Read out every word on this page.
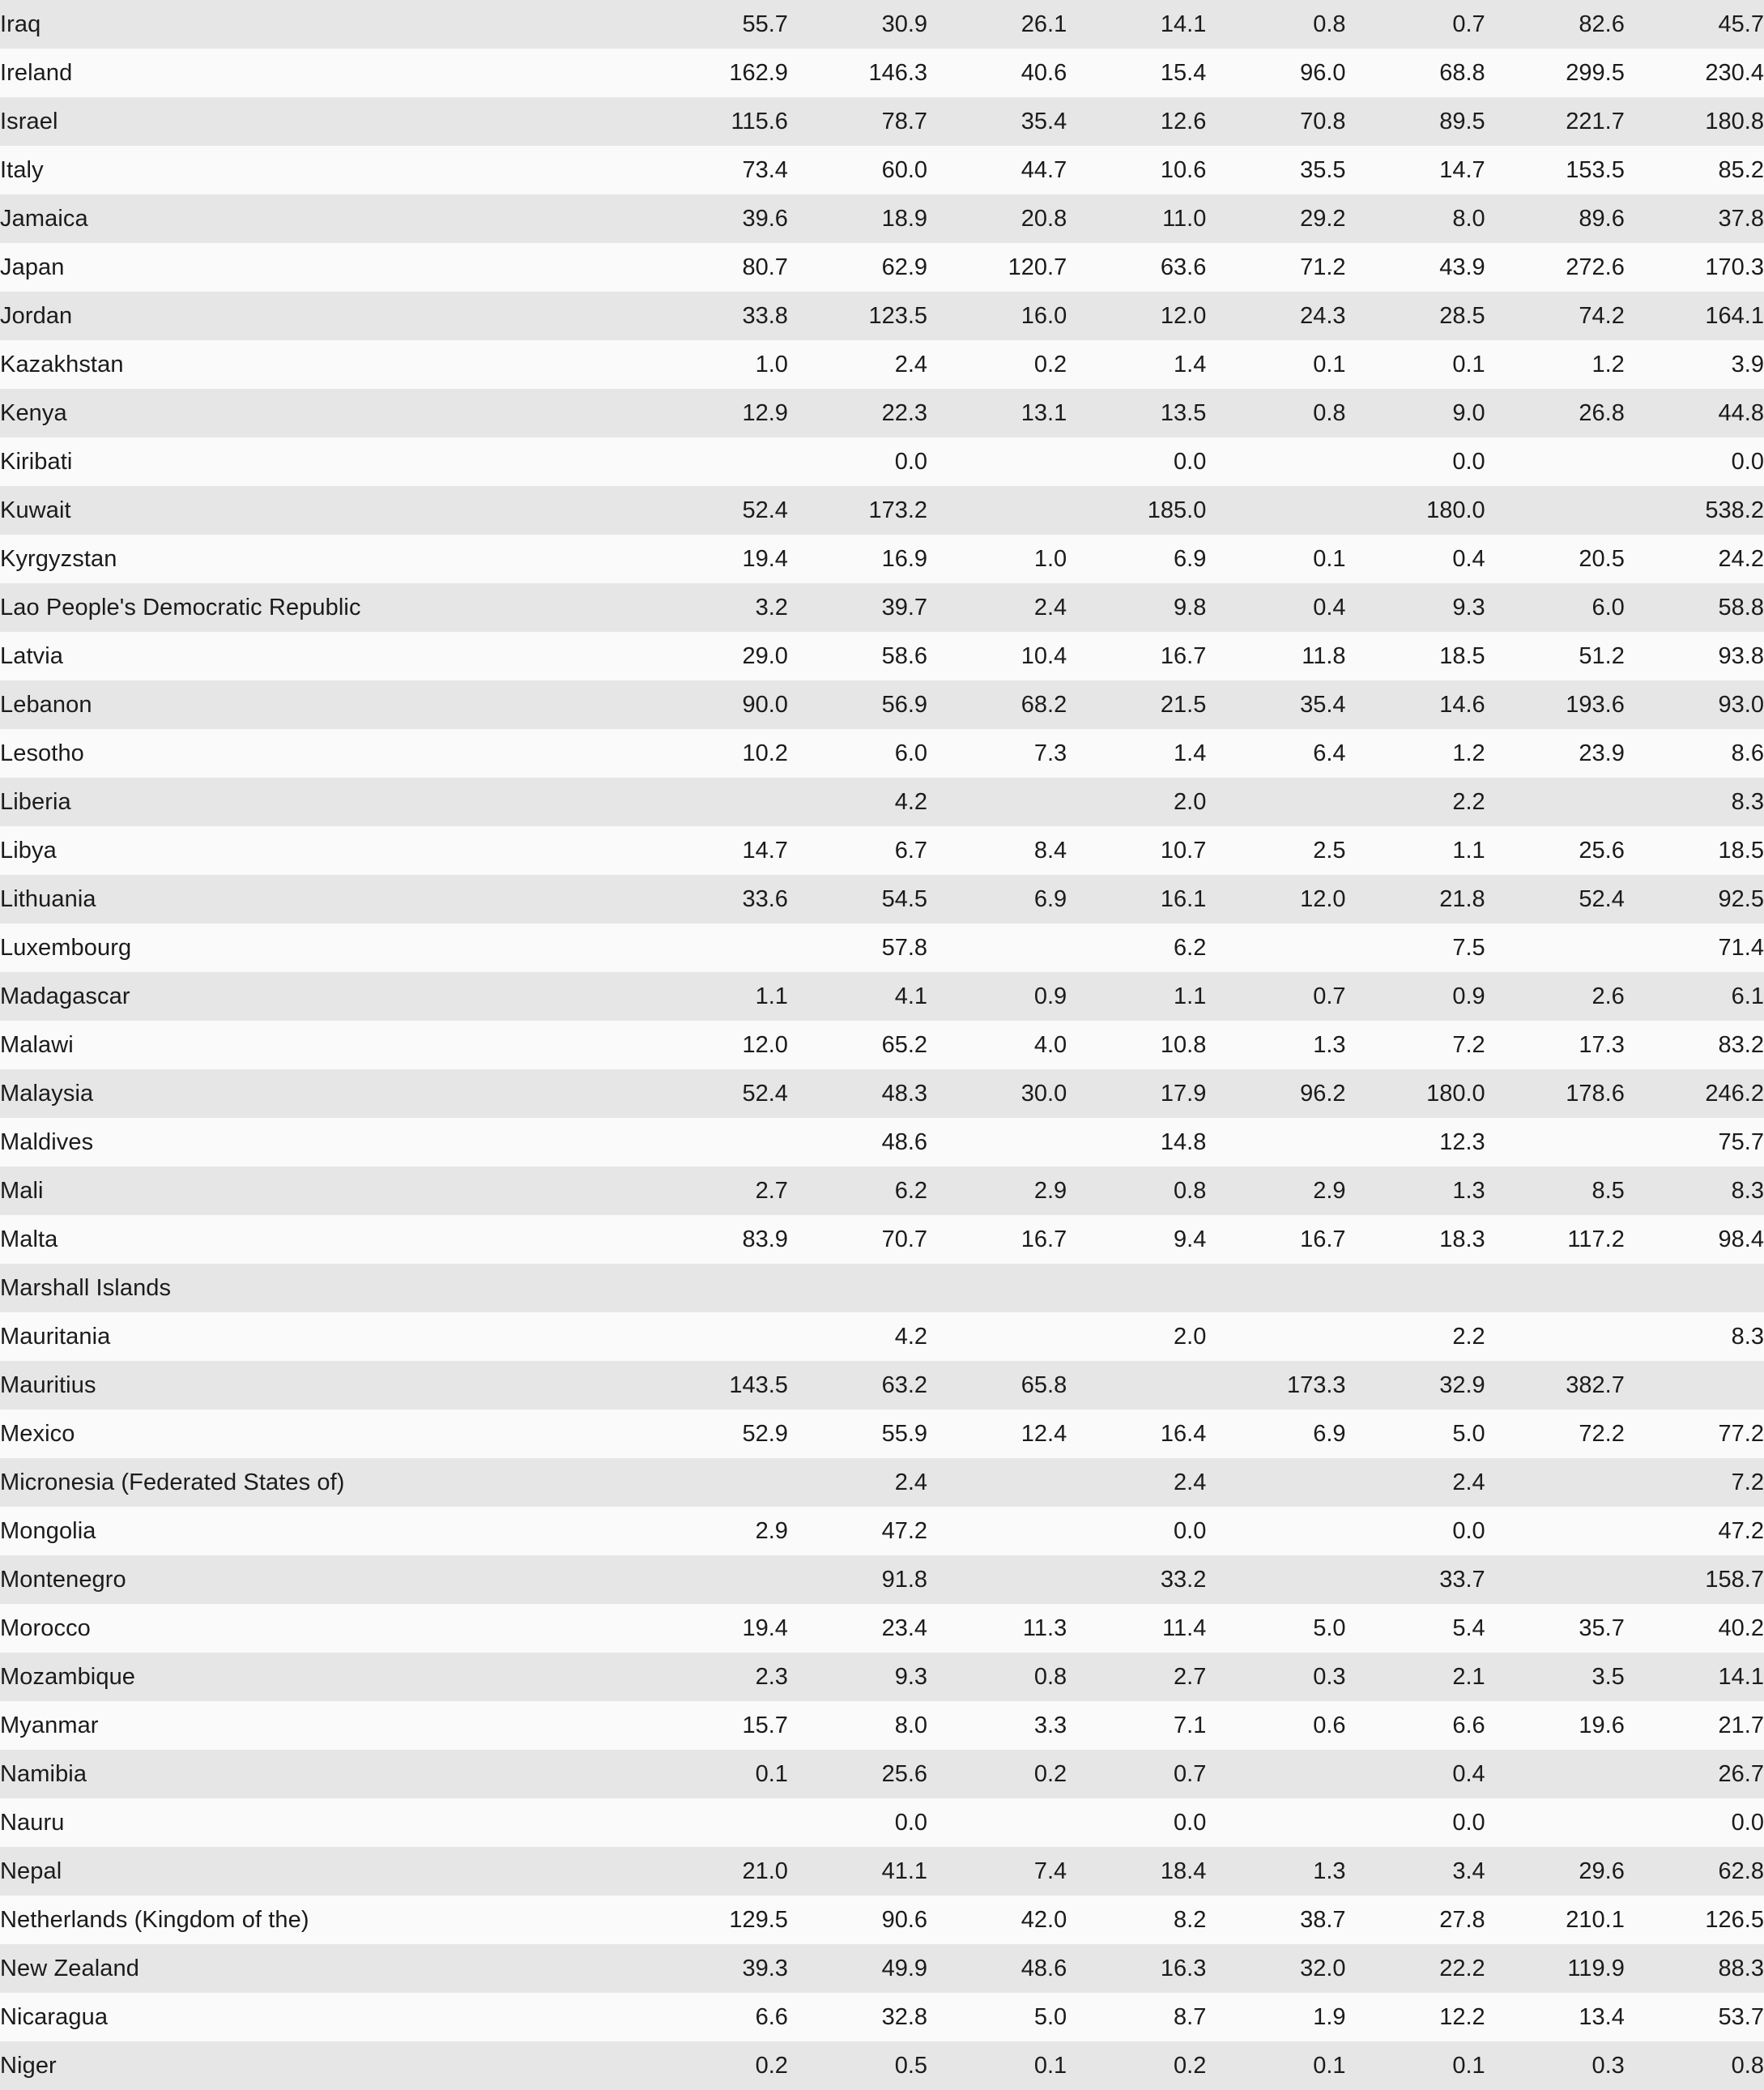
Iraq	55.7	30.9	26.1	14.1	0.8	0.7	82.6	45.7
Ireland	162.9	146.3	40.6	15.4	96.0	68.8	299.5	230.4
Israel	115.6	78.7	35.4	12.6	70.8	89.5	221.7	180.8
Italy	73.4	60.0	44.7	10.6	35.5	14.7	153.5	85.2
Jamaica	39.6	18.9	20.8	11.0	29.2	8.0	89.6	37.8
Japan	80.7	62.9	120.7	63.6	71.2	43.9	272.6	170.3
Jordan	33.8	123.5	16.0	12.0	24.3	28.5	74.2	164.1
Kazakhstan	1.0	2.4	0.2	1.4	0.1	0.1	1.2	3.9
Kenya	12.9	22.3	13.1	13.5	0.8	9.0	26.8	44.8
Kiribati		0.0		0.0		0.0		0.0
Kuwait	52.4	173.2		185.0		180.0		538.2
Kyrgyzstan	19.4	16.9	1.0	6.9	0.1	0.4	20.5	24.2
Lao People's Democratic Republic	3.2	39.7	2.4	9.8	0.4	9.3	6.0	58.8
Latvia	29.0	58.6	10.4	16.7	11.8	18.5	51.2	93.8
Lebanon	90.0	56.9	68.2	21.5	35.4	14.6	193.6	93.0
Lesotho	10.2	6.0	7.3	1.4	6.4	1.2	23.9	8.6
Liberia		4.2		2.0		2.2		8.3
Libya	14.7	6.7	8.4	10.7	2.5	1.1	25.6	18.5
Lithuania	33.6	54.5	6.9	16.1	12.0	21.8	52.4	92.5
Luxembourg		57.8		6.2		7.5		71.4
Madagascar	1.1	4.1	0.9	1.1	0.7	0.9	2.6	6.1
Malawi	12.0	65.2	4.0	10.8	1.3	7.2	17.3	83.2
Malaysia	52.4	48.3	30.0	17.9	96.2	180.0	178.6	246.2
Maldives		48.6		14.8		12.3		75.7
Mali	2.7	6.2	2.9	0.8	2.9	1.3	8.5	8.3
Malta	83.9	70.7	16.7	9.4	16.7	18.3	117.2	98.4
Marshall Islands								
Mauritania		4.2		2.0		2.2		8.3
Mauritius	143.5	63.2	65.8		173.3	32.9	382.7	
Mexico	52.9	55.9	12.4	16.4	6.9	5.0	72.2	77.2
Micronesia (Federated States of)		2.4		2.4		2.4		7.2
Mongolia	2.9	47.2		0.0		0.0		47.2
Montenegro		91.8		33.2		33.7		158.7
Morocco	19.4	23.4	11.3	11.4	5.0	5.4	35.7	40.2
Mozambique	2.3	9.3	0.8	2.7	0.3	2.1	3.5	14.1
Myanmar	15.7	8.0	3.3	7.1	0.6	6.6	19.6	21.7
Namibia	0.1	25.6	0.2	0.7		0.4		26.7
Nauru		0.0		0.0		0.0		0.0
Nepal	21.0	41.1	7.4	18.4	1.3	3.4	29.6	62.8
Netherlands (Kingdom of the)	129.5	90.6	42.0	8.2	38.7	27.8	210.1	126.5
New Zealand	39.3	49.9	48.6	16.3	32.0	22.2	119.9	88.3
Nicaragua	6.6	32.8	5.0	8.7	1.9	12.2	13.4	53.7
Niger	0.2	0.5	0.1	0.2	0.1	0.1	0.3	0.8
